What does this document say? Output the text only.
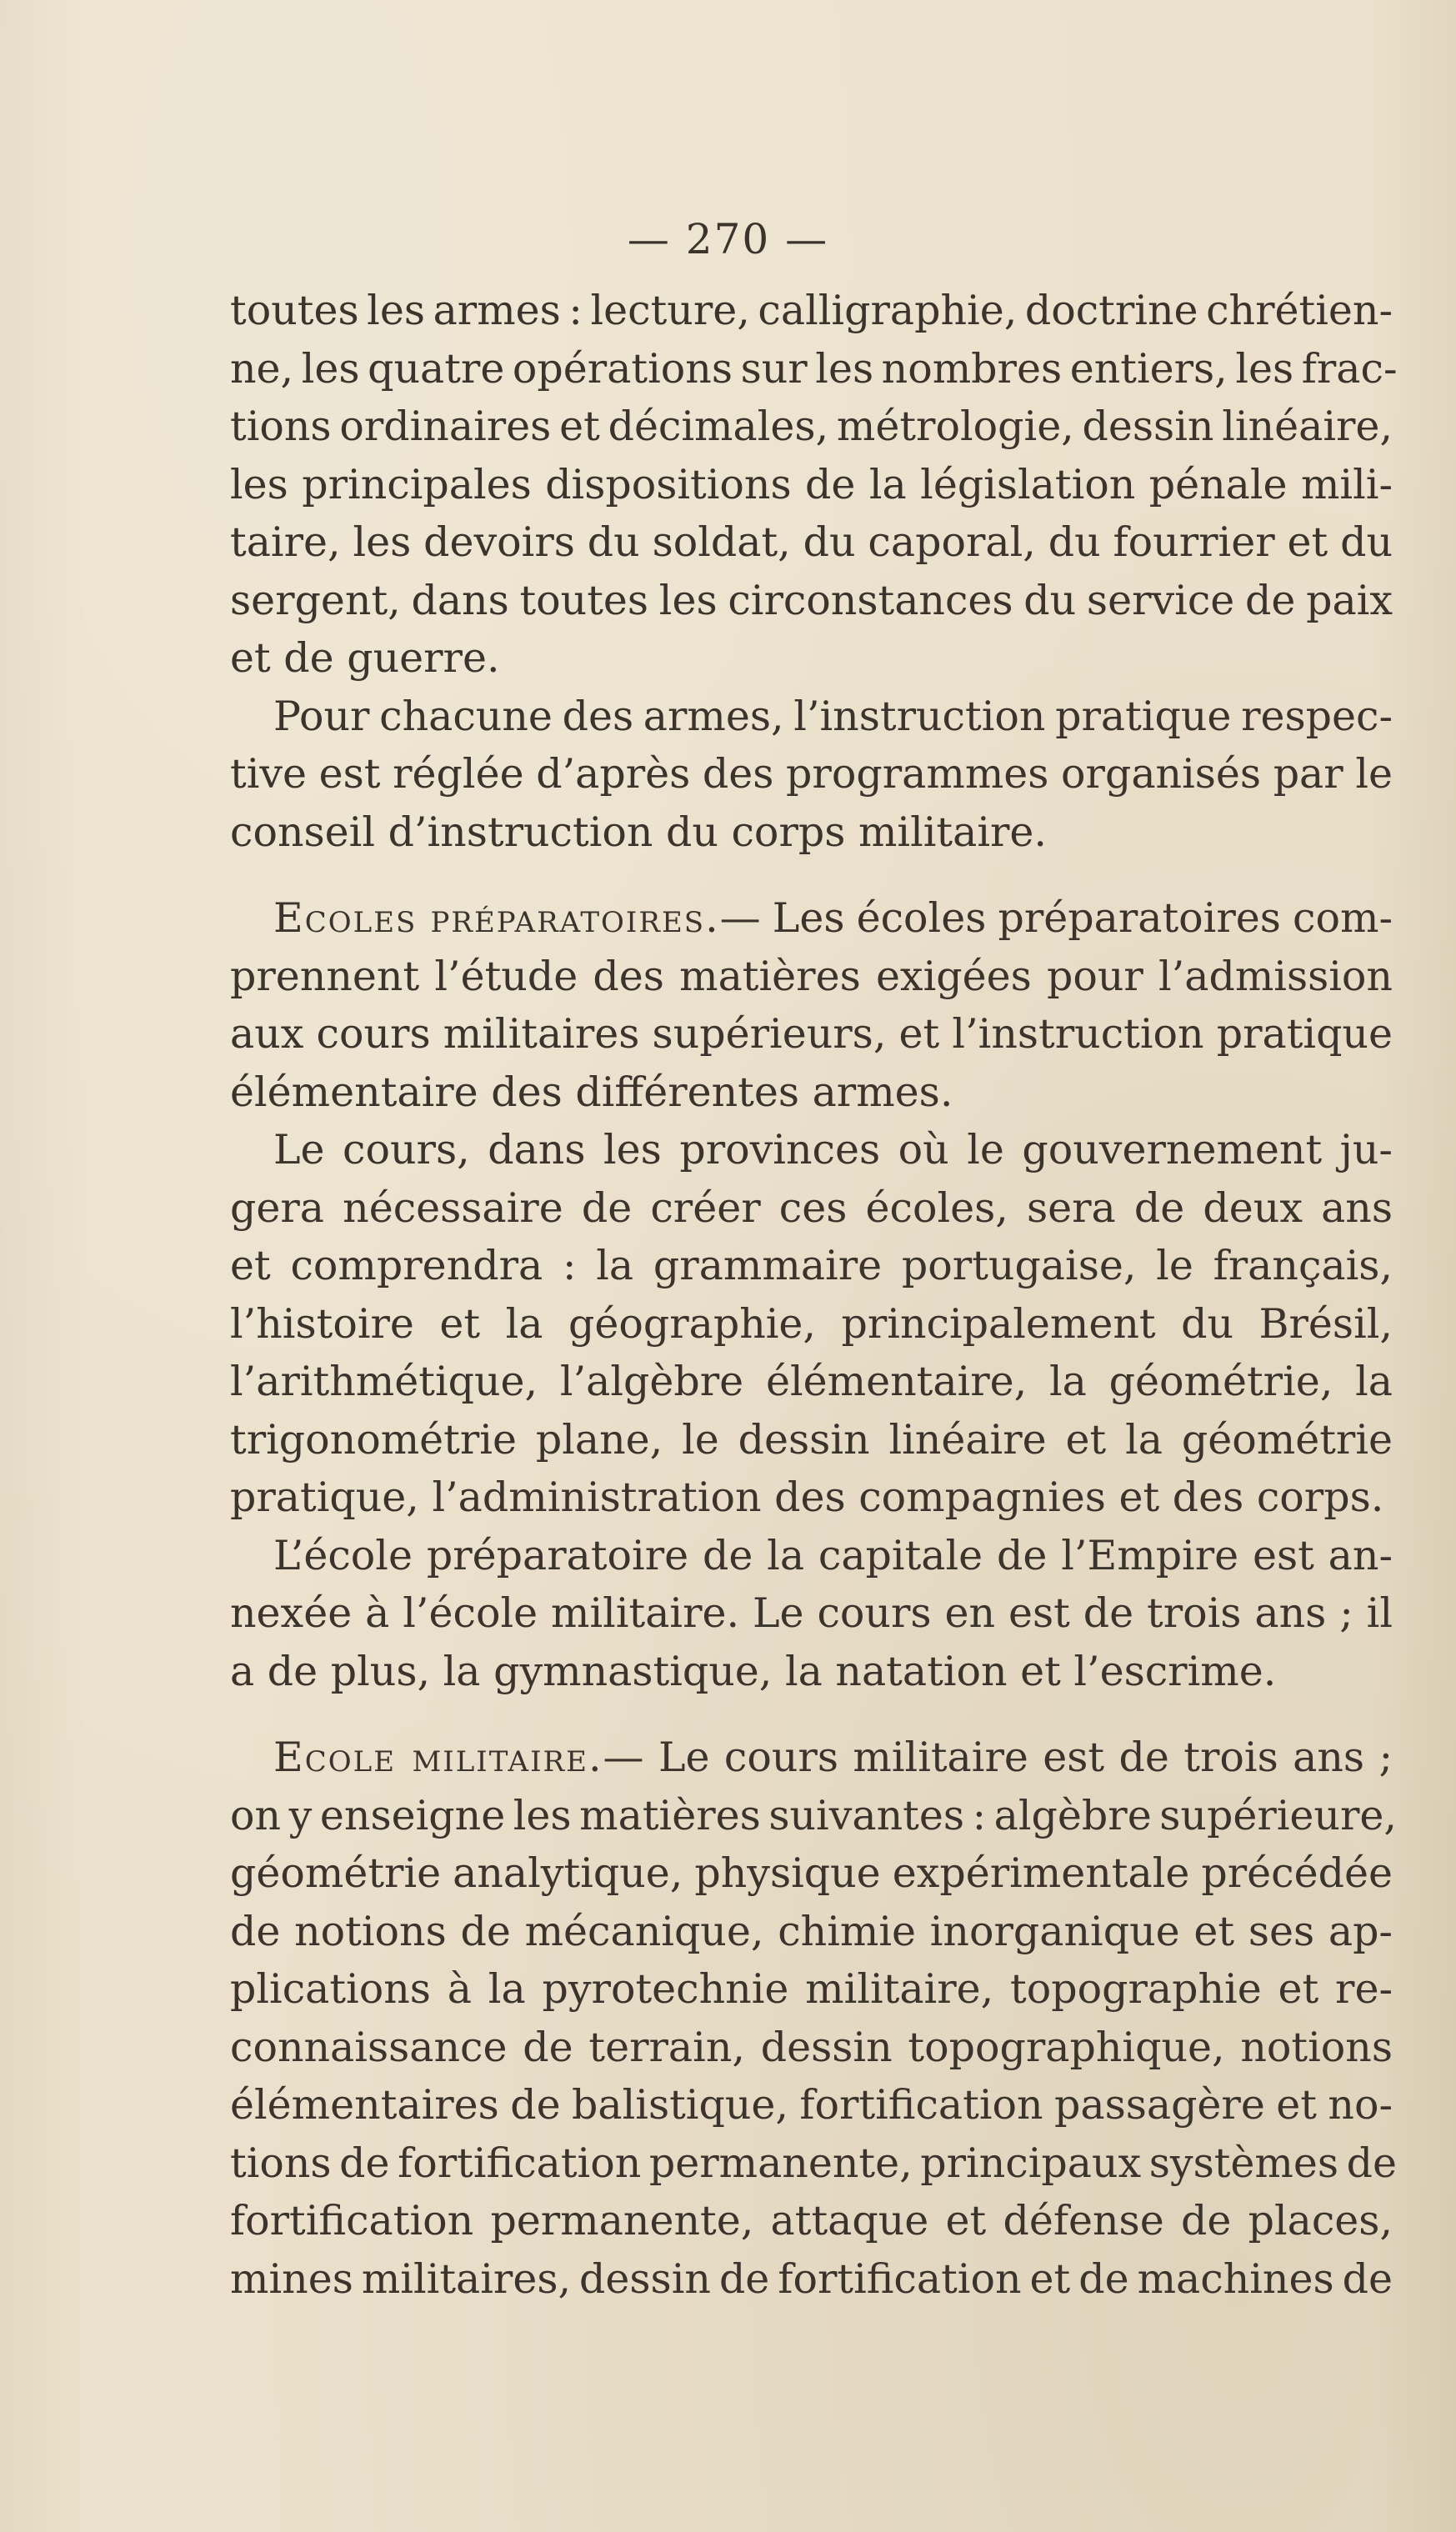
— 270 —

toutes les armes : lecture, calligraphie, doctrine chrétien-
ne, les quatre opérations sur les nombres entiers, les frac-
tions ordinaires et décimales, métrologie, dessin linéaire,
les principales dispositions de la législation pénale mili-
taire, les devoirs du soldat, du caporal, du fourrier et du
sergent, dans toutes les circonstances du service de paix
et de guerre.

Pour chacune des armes, l’instruction pratique respec-
tive est réglée d’après des programmes organisés par le
conseil d’instruction du corps militaire.

Ecoles préparatoires.— Les écoles préparatoires com-
prennent l’étude des matières exigées pour l’admission
aux cours militaires supérieurs, et l’instruction pratique
élémentaire des différentes armes.

Le cours, dans les provinces où le gouvernement ju-
gera nécessaire de créer ces écoles, sera de deux ans
et comprendra : la grammaire portugaise, le français,
l’histoire et la géographie, principalement du Brésil,
l’arithmétique, l’algèbre élémentaire, la géométrie, la
trigonométrie plane, le dessin linéaire et la géométrie
pratique, l’administration des compagnies et des corps.

L’école préparatoire de la capitale de l’Empire est an-
nexée à l’école militaire. Le cours en est de trois ans ; il
a de plus, la gymnastique, la natation et l’escrime.

Ecole militaire.— Le cours militaire est de trois ans ;
on y enseigne les matières suivantes : algèbre supérieure,
géométrie analytique, physique expérimentale précédée
de notions de mécanique, chimie inorganique et ses ap-
plications à la pyrotechnie militaire, topographie et re-
connaissance de terrain, dessin topographique, notions
élémentaires de balistique, fortification passagère et no-
tions de fortification permanente, principaux systèmes de
fortification permanente, attaque et défense de places,
mines militaires, dessin de fortification et de machines de
